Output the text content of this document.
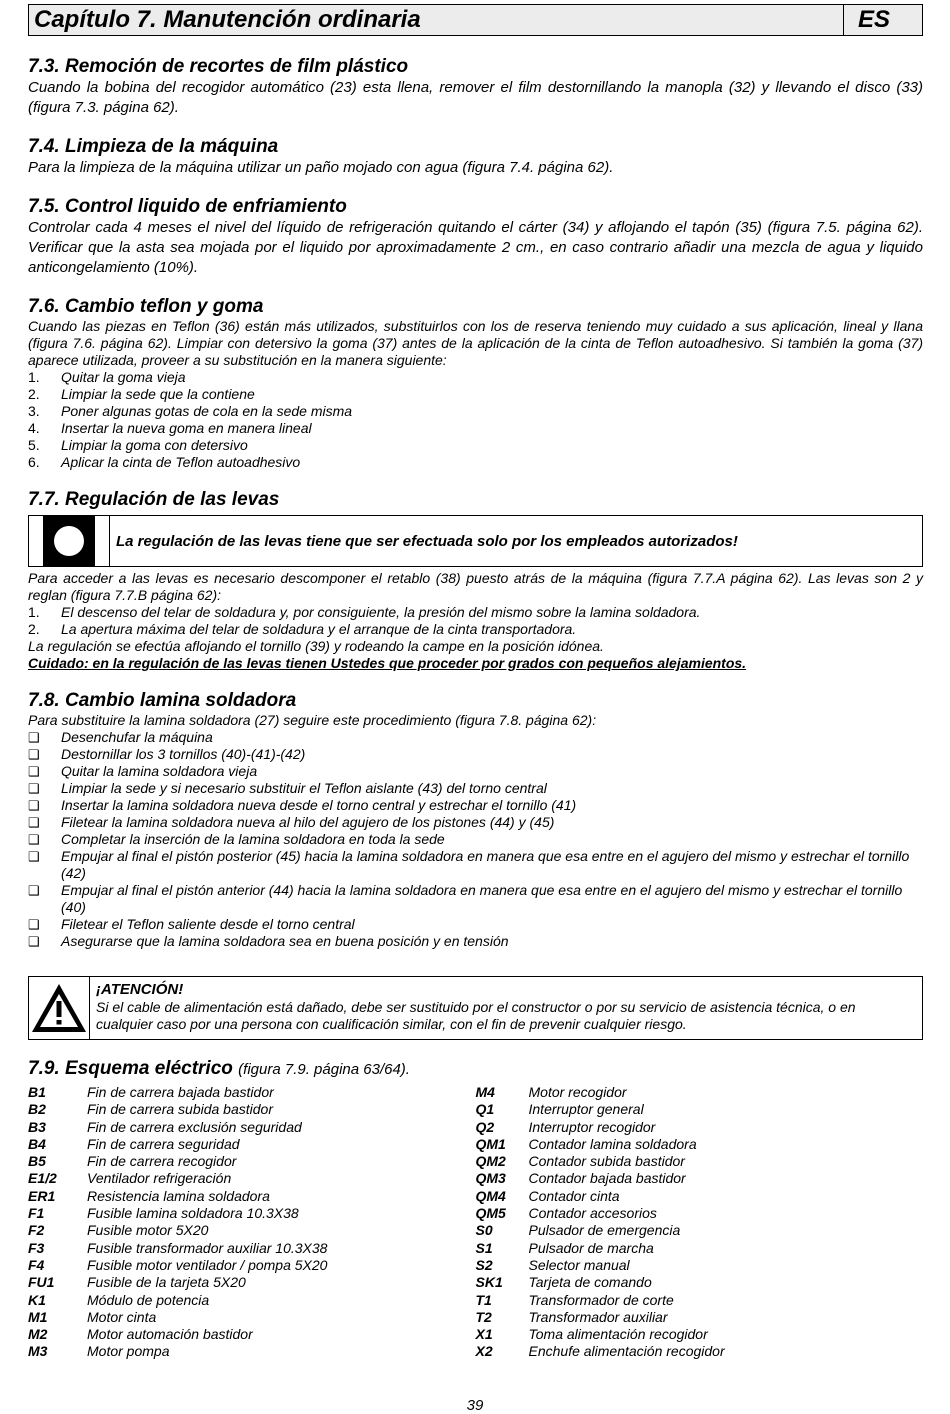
Capítulo 7. Manutención ordinaria	ES
7.3. Remoción de recortes de film plástico

Cuando la bobina del recogidor automático (23) esta llena, remover el film destornillando la manopla (32) y llevando el disco (33) (figura 7.3. página 62).

7.4. Limpieza de la máquina

Para la limpieza de la máquina utilizar un paño mojado con agua (figura 7.4. página 62).

7.5. Control liquido de enfriamiento

Controlar cada 4 meses el nivel del líquido de refrigeración quitando el cárter (34) y aflojando el tapón (35) (figura 7.5. página 62). Verificar que la asta sea mojada por el liquido por aproximadamente 2 cm., en caso contrario añadir una mezcla de agua y liquido anticongelamiento (10%).

7.6. Cambio teflon y goma

Cuando las piezas en Teflon (36) están más utilizados, substituirlos con los de reserva teniendo muy cuidado a sus aplicación, lineal y llana (figura 7.6. página 62). Limpiar con detersivo la goma (37) antes de la aplicación de la cinta de Teflon autoadhesivo. Si también la goma (37) aparece utilizada, proveer a su substitución en la manera siguiente:

1.	Quitar la goma vieja
2.	Limpiar la sede que la contiene
3.	Poner algunas gotas de cola en la sede misma
4.	Insertar la nueva goma en manera lineal
5.	Limpiar la goma con detersivo
6.	Aplicar la cinta de Teflon autoadhesivo
7.7. Regulación de las levas
La regulación de las levas tiene que ser efectuada solo por los empleados autorizados!

Para acceder a las levas es necesario descomponer el retablo (38) puesto atrás de la máquina (figura 7.7.A página 62). Las levas son 2 y reglan (figura 7.7.B página 62):

1.	El descenso del telar de soldadura y, por consiguiente, la presión del mismo sobre la lamina soldadora.
2.	La apertura máxima del telar de soldadura y el arranque de la cinta transportadora.

La regulación se efectúa aflojando el tornillo (39) y rodeando la campe en la posición idónea.

Cuidado: en la regulación de las levas tienen Ustedes que proceder por grados con pequeños alejamientos.
7.8. Cambio lamina soldadora

Para substituire la lamina soldadora (27) seguire este procedimiento (figura 7.8. página 62):

❑	Desenchufar la máquina
❑	Destornillar los 3 tornillos (40)-(41)-(42)
❑	Quitar la lamina soldadora vieja
❑	Limpiar la sede y si necesario substituir el Teflon aislante (43) del torno central
❑	Insertar la lamina soldadora nueva desde el torno central y estrechar el tornillo (41)
❑	Filetear la lamina soldadora nueva al hilo del agujero de los pistones (44) y (45)
❑	Completar la inserción de la lamina soldadora en toda la sede
❑	Empujar al final el pistón posterior (45) hacia la lamina soldadora en manera que esa entre en el agujero del mismo y estrechar el tornillo (42)
❑	Empujar al final el pistón anterior (44) hacia la lamina soldadora en manera que esa entre en el agujero del mismo y estrechar el tornillo (40)
❑	Filetear el Teflon saliente desde el torno central
❑	Asegurarse que la lamina soldadora sea en buena posición y en tensión
¡ATENCIÓN!
Si el cable de alimentación está dañado, debe ser sustituido por el constructor o por su servicio de asistencia técnica, o en cualquier caso por una persona con cualificación similar, con el fin de prevenir cualquier riesgo.
7.9. Esquema eléctrico (figura 7.9. página 63/64).
B1	Fin de carrera bajada bastidor
B2	Fin de carrera subida bastidor
B3	Fin de carrera exclusión seguridad
B4	Fin de carrera seguridad
B5	Fin de carrera recogidor
E1/2	Ventilador refrigeración
ER1	Resistencia lamina soldadora
F1	Fusible lamina soldadora 10.3X38
F2	Fusible motor 5X20
F3	Fusible transformador auxiliar 10.3X38
F4	Fusible motor ventilador / pompa 5X20
FU1	Fusible de la tarjeta 5X20
K1	Módulo de potencia
M1	Motor cinta
M2	Motor automación bastidor
M3	Motor pompa
M4	Motor recogidor
Q1	Interruptor general
Q2	Interruptor recogidor
QM1	Contador lamina soldadora
QM2	Contador subida bastidor
QM3	Contador bajada bastidor
QM4	Contador cinta
QM5	Contador accesorios
S0	Pulsador de emergencia
S1	Pulsador de marcha
S2	Selector manual
SK1	Tarjeta de comando
T1	Transformador de corte
T2	Transformador auxiliar
X1	Toma alimentación recogidor
X2	Enchufe alimentación recogidor
39
